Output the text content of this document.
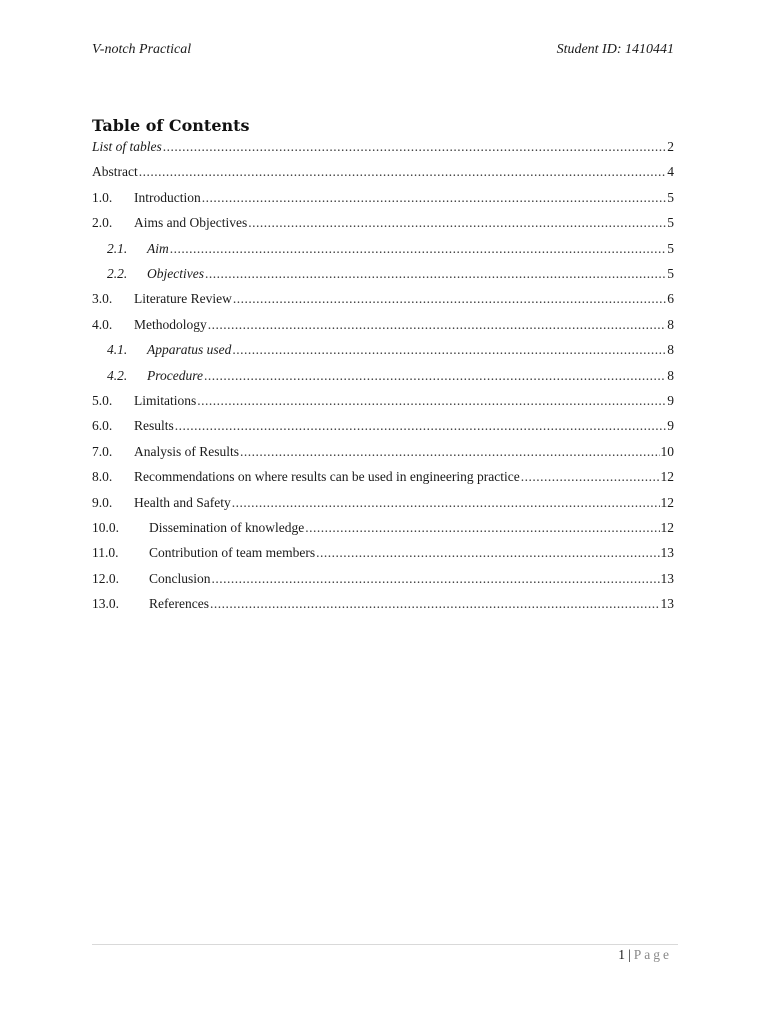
V-notch Practical	Student ID: 1410441
Table of Contents
List of tables .....	2
Abstract .....	4
1.0.	Introduction .....	5
2.0.	Aims and Objectives .....	5
2.1.	Aim .....	5
2.2.	Objectives .....	5
3.0.	Literature Review .....	6
4.0.	Methodology .....	8
4.1.	Apparatus used .....	8
4.2.	Procedure .....	8
5.0.	Limitations .....	9
6.0.	Results .....	9
7.0.	Analysis of Results .....	10
8.0.	Recommendations on where results can be used in engineering practice .....	12
9.0.	Health and Safety .....	12
10.0.	Dissemination of knowledge .....	12
11.0.	Contribution of team members .....	13
12.0.	Conclusion .....	13
13.0.	References .....	13
1 | Page
